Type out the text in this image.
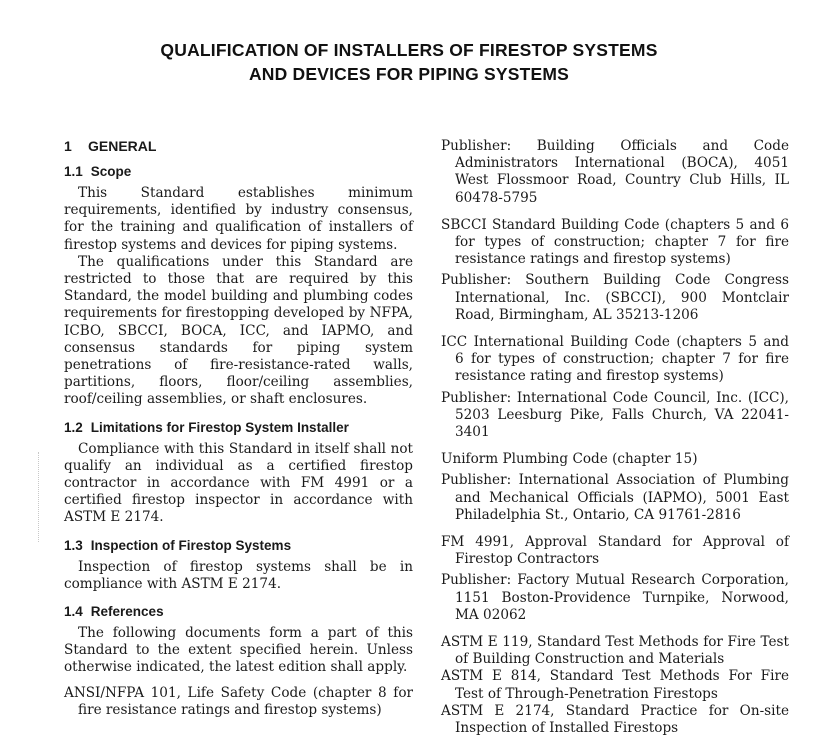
QUALIFICATION OF INSTALLERS OF FIRESTOP SYSTEMS
AND DEVICES FOR PIPING SYSTEMS
1 GENERAL
1.1 Scope

This Standard establishes minimum requirements, identified by industry consensus, for the training and qualification of installers of firestop systems and devices for piping systems.

The qualifications under this Standard are restricted to those that are required by this Standard, the model building and plumbing codes requirements for firestopping developed by NFPA, ICBO, SBCCI, BOCA, ICC, and IAPMO, and consensus standards for piping system penetrations of fire-resistance-rated walls, partitions, floors, floor/ceiling assemblies, roof/ceiling assemblies, or shaft enclosures.

1.2 Limitations for Firestop System Installer

Compliance with this Standard in itself shall not qualify an individual as a certified firestop contractor in accordance with FM 4991 or a certified firestop inspector in accordance with ASTM E 2174.

1.3 Inspection of Firestop Systems

Inspection of firestop systems shall be in compliance with ASTM E 2174.

1.4 References

The following documents form a part of this Standard to the extent specified herein. Unless otherwise indicated, the latest edition shall apply.

ANSI/NFPA 101, Life Safety Code (chapter 8 for fire resistance ratings and firestop systems)
Publisher: Building Officials and Code Administrators International (BOCA), 4051 West Flossmoor Road, Country Club Hills, IL 60478-5795
SBCCI Standard Building Code (chapters 5 and 6 for types of construction; chapter 7 for fire resistance ratings and firestop systems)
Publisher: Southern Building Code Congress International, Inc. (SBCCI), 900 Montclair Road, Birmingham, AL 35213-1206
ICC International Building Code (chapters 5 and 6 for types of construction; chapter 7 for fire resistance rating and firestop systems)
Publisher: International Code Council, Inc. (ICC), 5203 Leesburg Pike, Falls Church, VA 22041-3401
Uniform Plumbing Code (chapter 15)
Publisher: International Association of Plumbing and Mechanical Officials (IAPMO), 5001 East Philadelphia St., Ontario, CA 91761-2816
FM 4991, Approval Standard for Approval of Firestop Contractors
Publisher: Factory Mutual Research Corporation, 1151 Boston-Providence Turnpike, Norwood, MA 02062
ASTM E 119, Standard Test Methods for Fire Test of Building Construction and Materials
ASTM E 814, Standard Test Methods For Fire Test of Through-Penetration Firestops
ASTM E 2174, Standard Practice for On-site Inspection of Installed Firestops
